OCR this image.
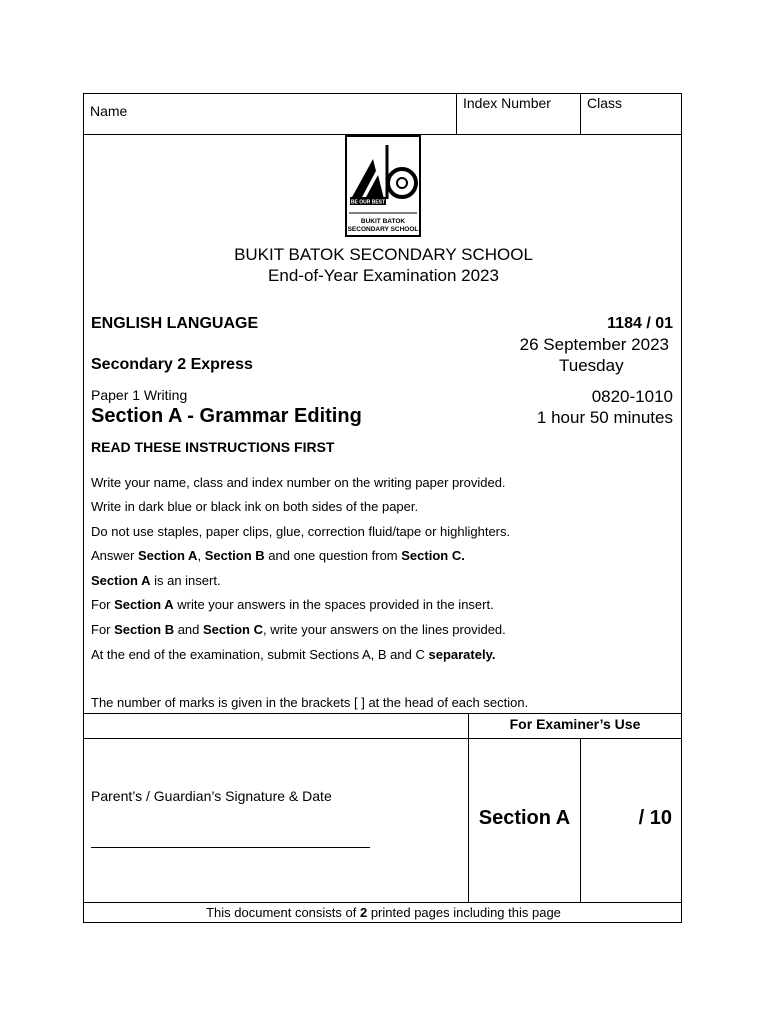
Name	Index Number	Class
BE OUR BEST
BUKIT BATOK
SECONDARY SCHOOL
BUKIT BATOK SECONDARY SCHOOL
End-of-Year Examination 2023
ENGLISH LANGUAGE	1184 / 01
26 September 2023
Secondary 2 Express	Tuesday
Paper 1 Writing	0820-1010
Section A - Grammar Editing	1 hour 50 minutes
READ THESE INSTRUCTIONS FIRST
Write your name, class and index number on the writing paper provided.
Write in dark blue or black ink on both sides of the paper.
Do not use staples, paper clips, glue, correction fluid/tape or highlighters.
Answer Section A, Section B and one question from Section C.
Section A is an insert.
For Section A write your answers in the spaces provided in the insert.
For Section B and Section C, write your answers on the lines provided.
At the end of the examination, submit Sections A, B and C separately.
The number of marks is given in the brackets [ ] at the head of each section.
For Examiner’s Use
Section A	/ 10
Parent’s / Guardian’s Signature & Date
This document consists of 2 printed pages including this page
